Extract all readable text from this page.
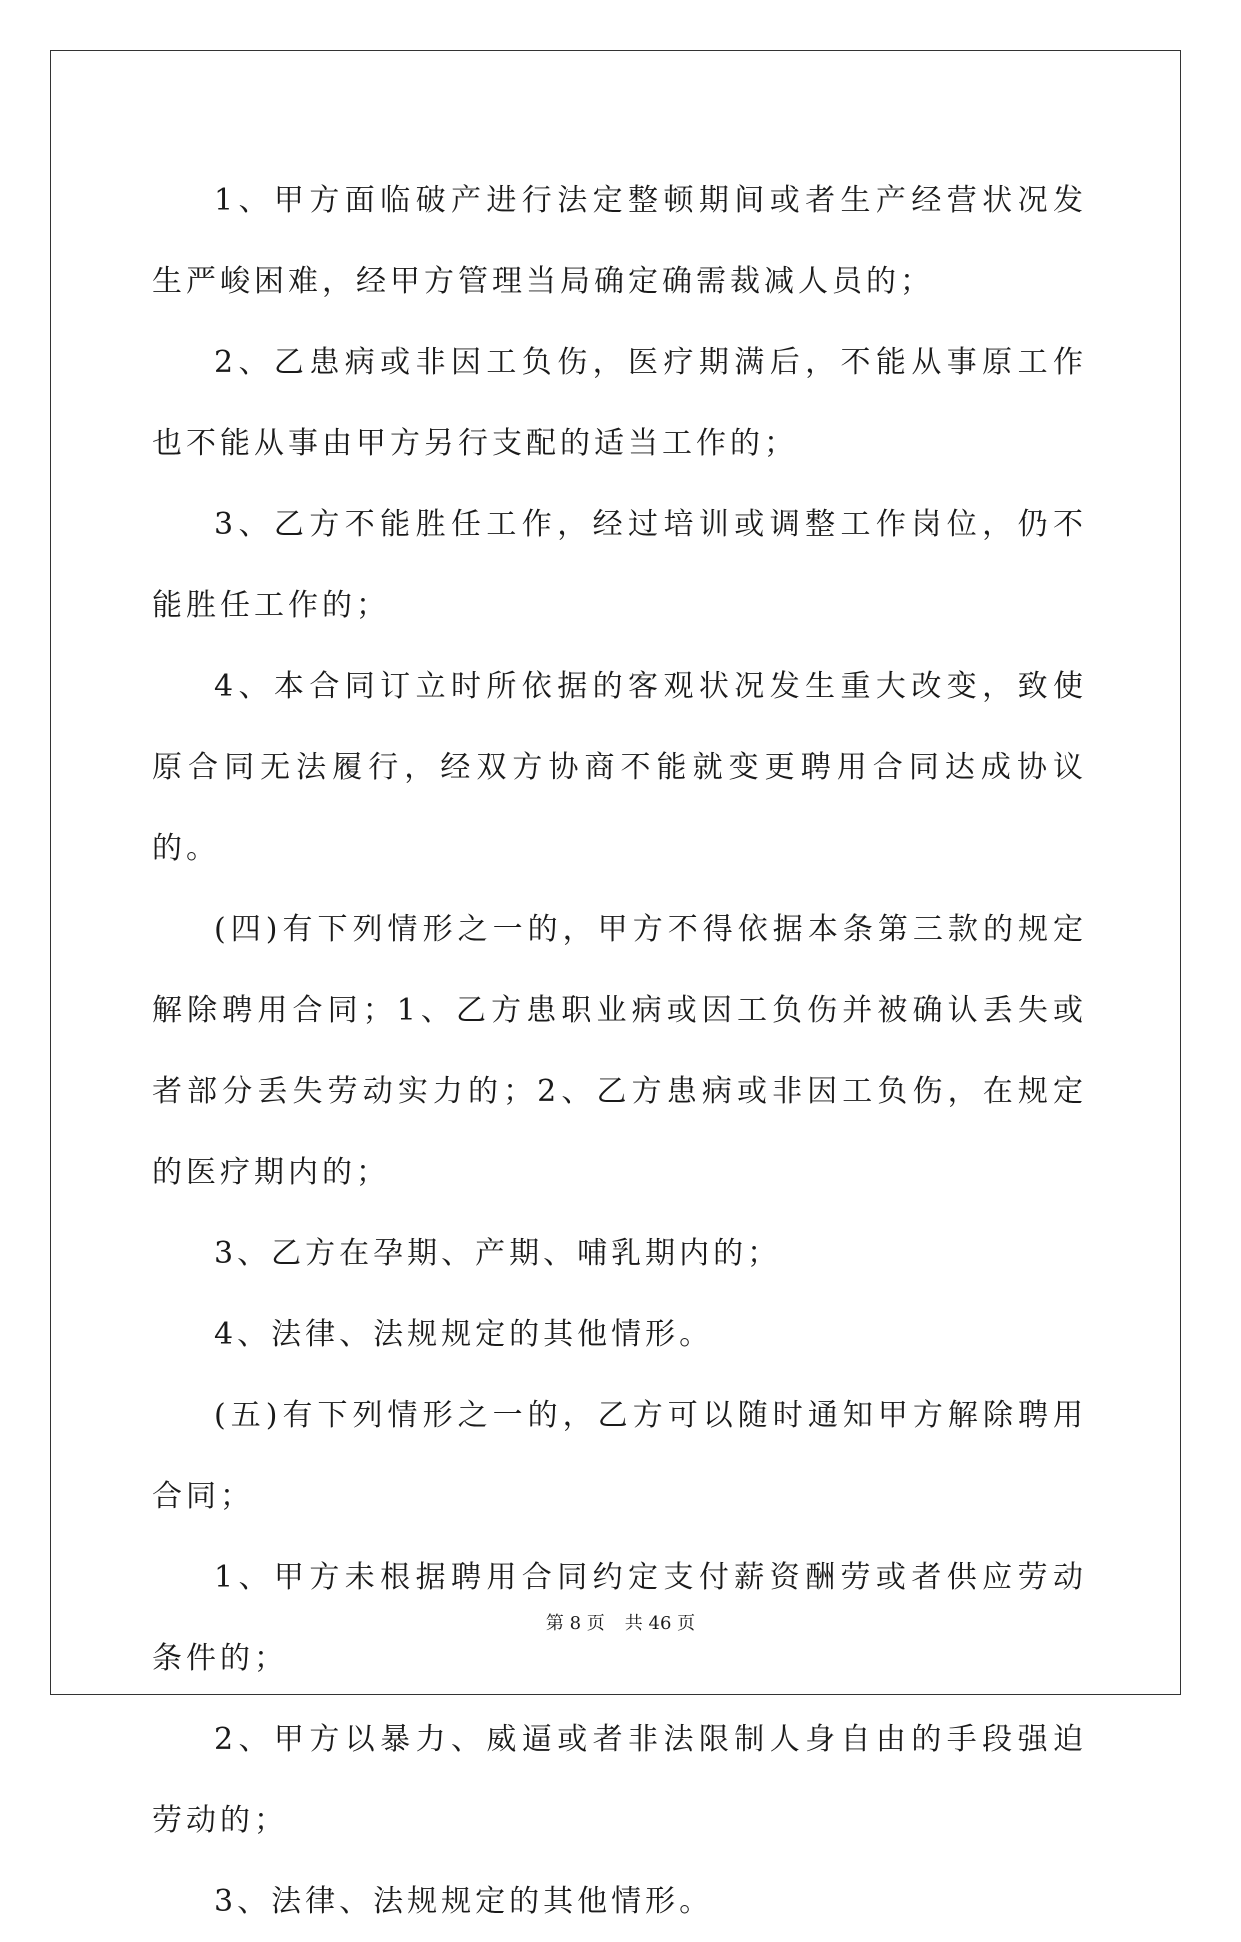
1、甲方面临破产进行法定整顿期间或者生产经营状况发生严峻困难，经甲方管理当局确定确需裁减人员的；

2、乙患病或非因工负伤，医疗期满后，不能从事原工作也不能从事由甲方另行支配的适当工作的；

3、乙方不能胜任工作，经过培训或调整工作岗位，仍不能胜任工作的；

4、本合同订立时所依据的客观状况发生重大改变，致使原合同无法履行，经双方协商不能就变更聘用合同达成协议的。

(四)有下列情形之一的，甲方不得依据本条第三款的规定解除聘用合同；1、乙方患职业病或因工负伤并被确认丢失或者部分丢失劳动实力的；2、乙方患病或非因工负伤，在规定的医疗期内的；

3、乙方在孕期、产期、哺乳期内的；

4、法律、法规规定的其他情形。

(五)有下列情形之一的，乙方可以随时通知甲方解除聘用合同；

1、甲方未根据聘用合同约定支付薪资酬劳或者供应劳动条件的；

2、甲方以暴力、威逼或者非法限制人身自由的手段强迫劳动的；

3、法律、法规规定的其他情形。

第 8 页 共 46 页
